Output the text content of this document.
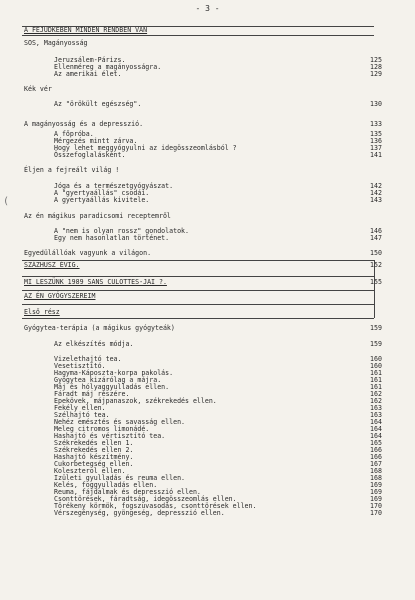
- 3 -
A FEJUDKEBEN MINDEN RENDBEN VAN
(
SOS, Magányosság
Jeruzsálem-Párizs.	125
Ellenméreg a magányosságra.	128
Az amerikai élet.	129
Kék vér
Az "örökült egészség".	130
A magányosság és a depresszió.	133
A főpróba.	135
Mérgezés mintt zárva.	136
Hogy lehet meggyógyulni az idegösszeomlásból ?	137
Összefoglalásként.	141
Éljen a fejreált világ !
Jóga és a természetgyógyászat.	142
A "gyertyaállás" csodái.	142
A gyertyaállás kivitele.	143
Az én mágikus paradicsomi receptemről
A "nem is olyan rossz" gondolatok.	146
Egy nem hasonlatlan történet.	147
Egyedülállóak vagyunk a világon.	150
SZÁZHUSZ ÉVIG.	152
MI LESZÜNK 1989 SANS CULOTTES-JAI ?.	155
AZ ÉN GYÓGYSZEREIM
Első rész
Gyógytea-terápia (a mágikus gyógyteák)	159
Az elkészítés módja.	159
Vizelethajtó tea.	160
Vesetisztító.	160
Hagyma-Káposzta-korpa pakolás.	161
Gyógytea kizárólag a májra.	161
Máj és hólyaggyulladás ellen.	161
Fáradt máj részére.	162
Epekövek, májpanaszok, székrekedés ellen.	162
Fekély ellen.	163
Szélhajtó tea.	163
Nehéz emésztés és savasság ellen.	164
Meleg citromos limonádé.	164
Hashajtó és vértisztító tea.	164
Székrekedés ellen 1.	165
Székrekedés ellen 2.	166
Hashajtó készítmény.	166
Cukorbetegség ellen.	167
Koleszterol ellen.	168
Izületi gyulladás és reuma ellen.	168
Kelés, foggyulladás ellen.	169
Reuma, fájdalmak és depresszió ellen.	169
Csonttörések, fáradtság, idegösszeomlás ellen.	169
Törékeny körmök, fogszuvasodás, csonttörések ellen.	170
Vérszegénység, gyöngeség, depresszió ellen.	170
